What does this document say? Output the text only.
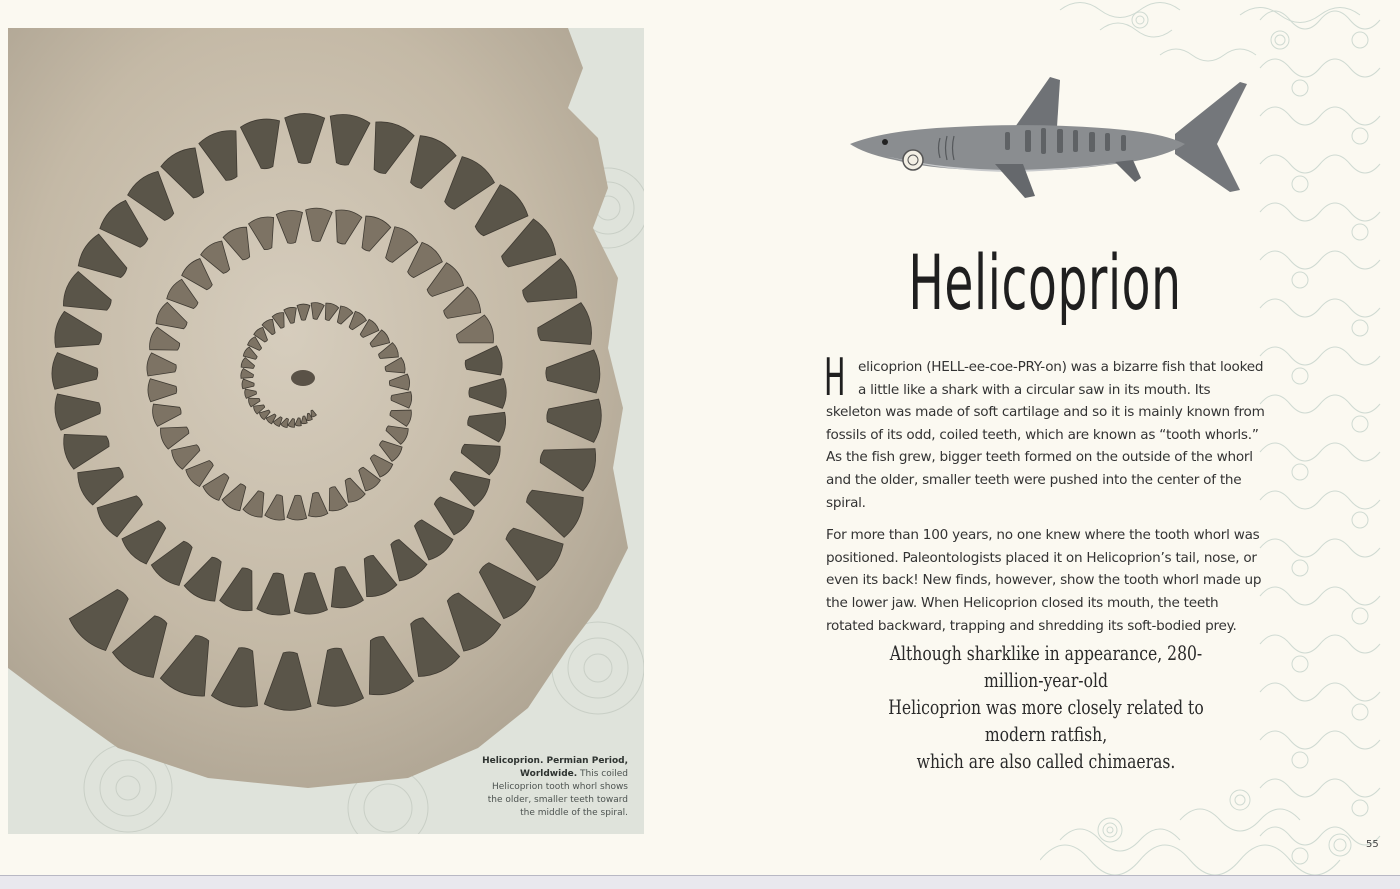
Helicoprion. Permian Period,
Worldwide. This coiled
Helicoprion tooth whorl shows
the older, smaller teeth toward
the middle of the spiral.
Helicoprion

Helicoprion (HELL-ee-coe-PRY-on) was a bizarre fish that looked a little like a shark with a circular saw in its mouth. Its skeleton was made of soft cartilage and so it is mainly known from fossils of its odd, coiled teeth, which are known as “tooth whorls.” As the fish grew, bigger teeth formed on the outside of the whorl and the older, smaller teeth were pushed into the center of the spiral.

For more than 100 years, no one knew where the tooth whorl was positioned. Paleontologists placed it on Helicoprion’s tail, nose, or even its back! New finds, however, show the tooth whorl made up the lower jaw. When Helicoprion closed its mouth, the teeth rotated backward, trapping and shredding its soft-bodied prey.

Although sharklike in appearance, 280-million-year-old
Helicoprion was more closely related to modern ratfish,
which are also called chimaeras.
55
